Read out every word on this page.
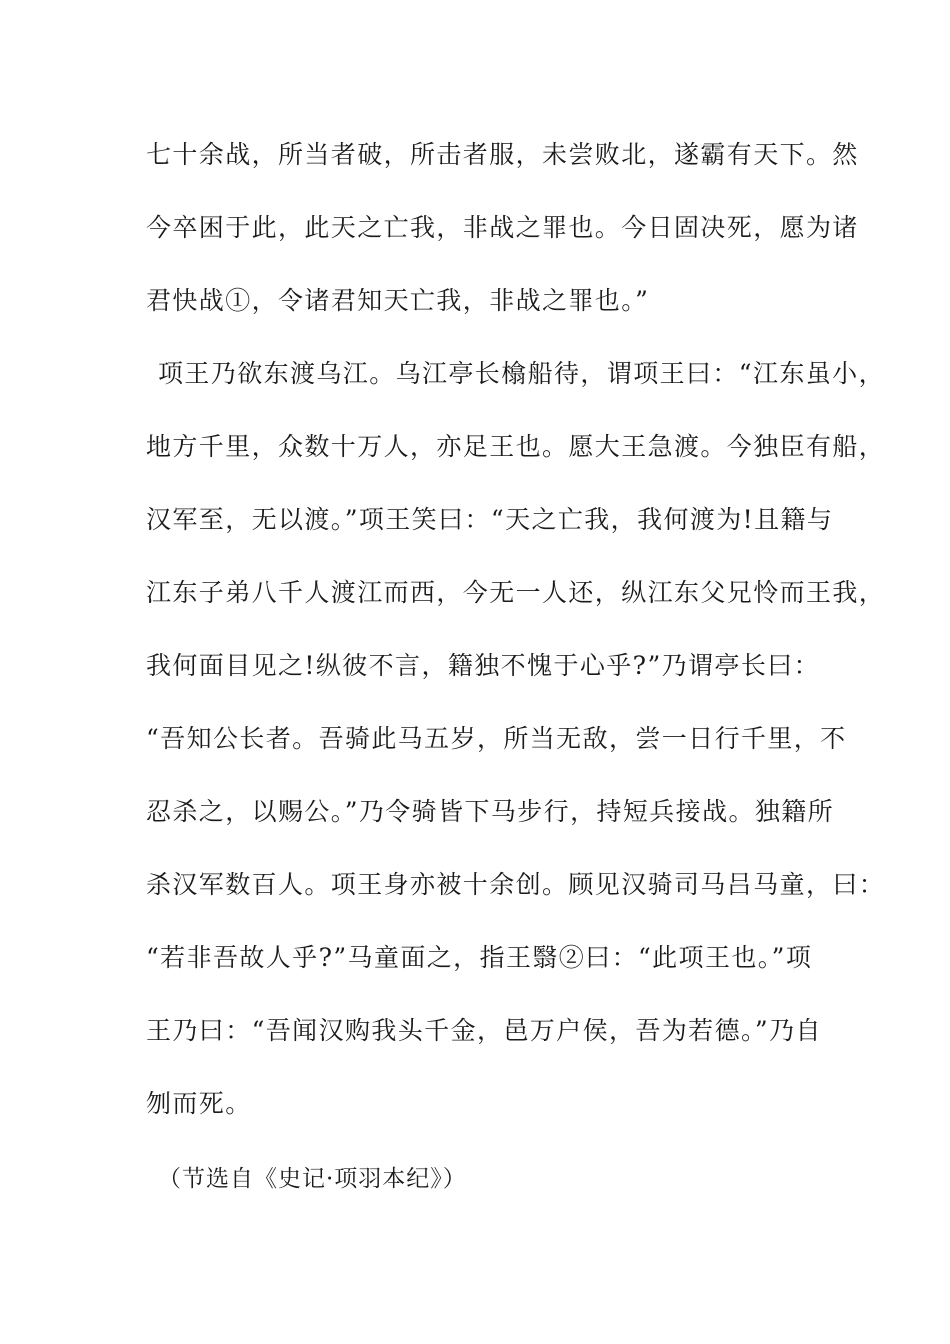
七十余战，所当者破，所击者服，未尝败北，遂霸有天下。然
今卒困于此，此天之亡我，非战之罪也。今日固决死，愿为诸
君快战①，令诸君知天亡我，非战之罪也。”
项王乃欲东渡乌江。乌江亭长㯓船待，谓项王曰：“江东虽小，
地方千里，众数十万人，亦足王也。愿大王急渡。今独臣有船，
汉军至，无以渡。”项王笑曰：“天之亡我，我何渡为!且籍与
江东子弟八千人渡江而西，今无一人还，纵江东父兄怜而王我，
我何面目见之!纵彼不言，籍独不愧于心乎?”乃谓亭长曰：
“吾知公长者。吾骑此马五岁，所当无敌，尝一日行千里，不
忍杀之，以赐公。”乃令骑皆下马步行，持短兵接战。独籍所
杀汉军数百人。项王身亦被十余创。顾见汉骑司马吕马童，曰：
“若非吾故人乎?”马童面之，指王翳②曰：“此项王也。”项
王乃曰：“吾闻汉购我头千金，邑万户侯，吾为若德。”乃自
刎而死。
（节选自《史记·项羽本纪》）
